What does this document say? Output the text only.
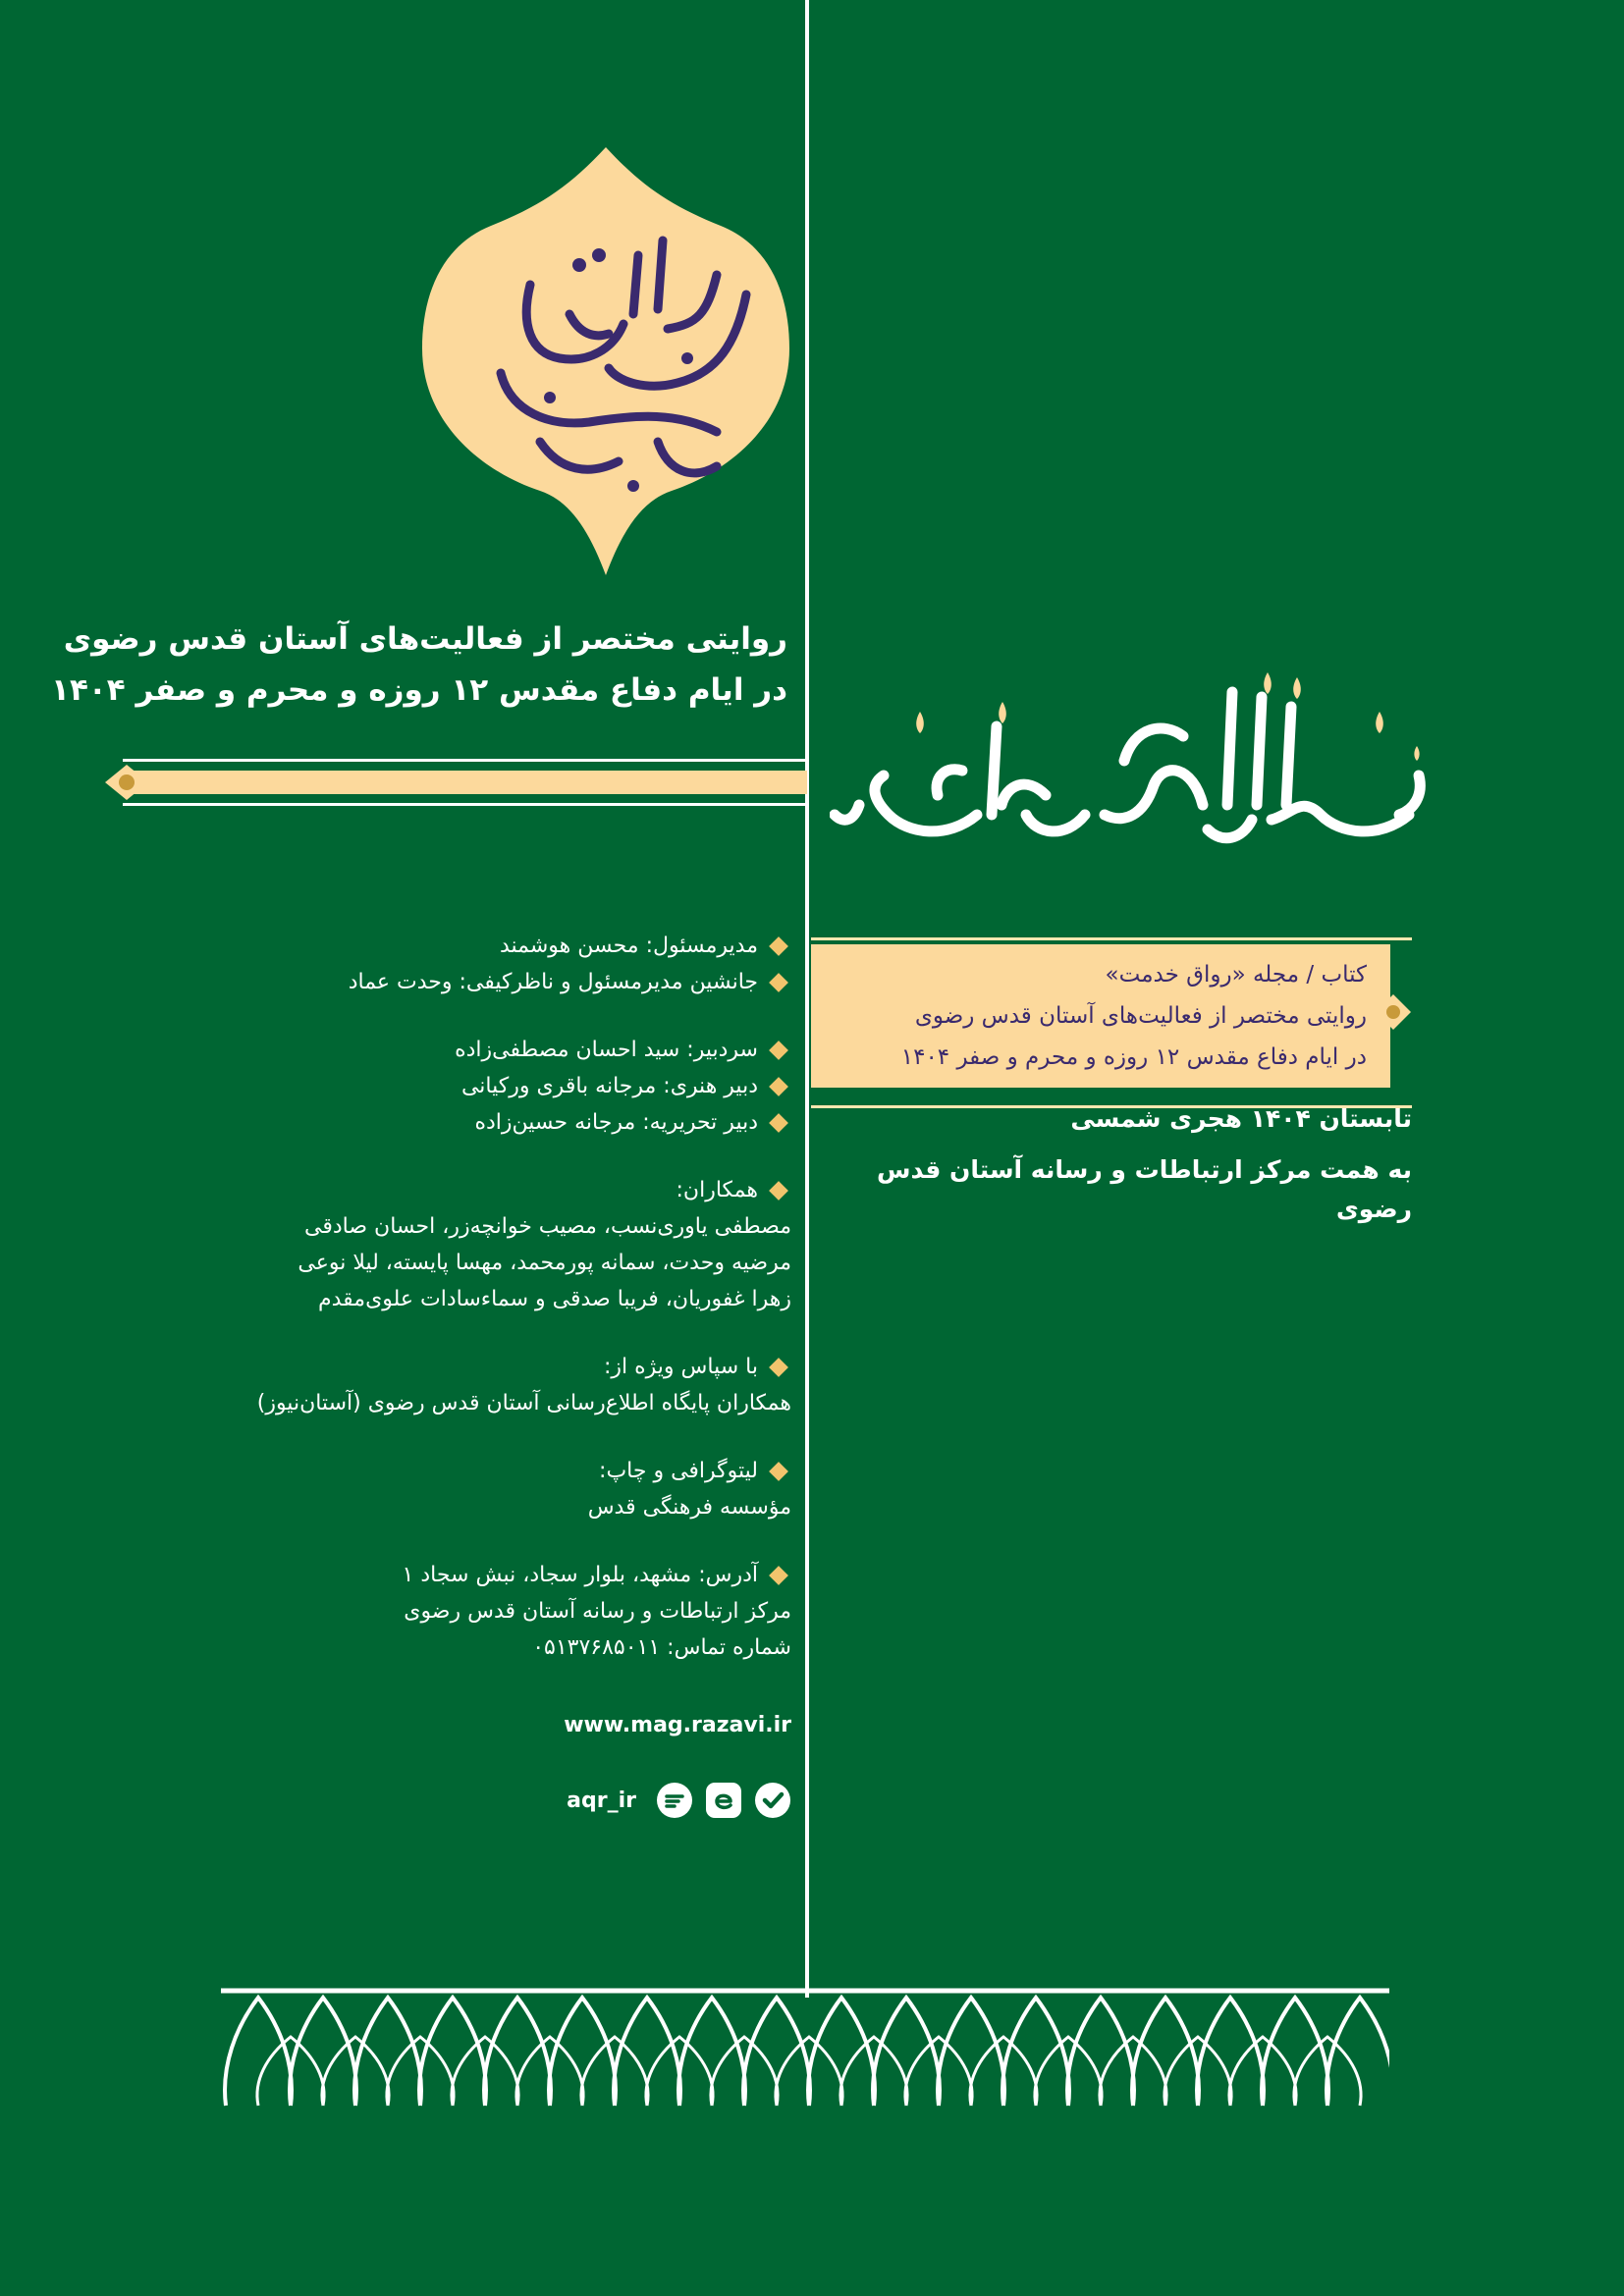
روایتی مختصر از فعالیت‌های آستان قدس رضوی
در ایام دفاع مقدس ۱۲ روزه و محرم و صفر ۱۴۰۴
کتاب / مجله «رواق خدمت»
روایتی مختصر از فعالیت‌های آستان قدس رضوی
در ایام دفاع مقدس ۱۲ روزه و محرم و صفر ۱۴۰۴
تابستان ۱۴۰۴ هجری شمسی
به همت مرکز ارتباطات و رسانه آستان قدس رضوی
مدیرمسئول: محسن هوشمند
جانشین مدیرمسئول و ناظرکیفی: وحدت عماد
سردبیر: سید احسان مصطفی‌زاده
دبیر هنری: مرجانه باقری ورکیانی
دبیر تحریریه: مرجانه حسین‌زاده
همکاران:
مصطفی یاوری‌نسب، مصیب خوانچه‌زر، احسان صادقی
مرضیه وحدت، سمانه پورمحمد، مهسا پایسته، لیلا نوعی
زهرا غفوریان، فریبا صدقی و سماء‌سادات علوی‌مقدم
با سپاس ویژه از:
همکاران پایگاه اطلاع‌رسانی آستان قدس رضوی (آستان‌نیوز)
لیتوگرافی و چاپ:
مؤسسه فرهنگی قدس
آدرس: مشهد، بلوار سجاد، نبش سجاد ۱
مرکز ارتباطات و رسانه آستان قدس رضوی
شماره تماس: ۰۵۱۳۷۶۸۵۰۱۱
www.mag.razavi.ir
aqr_ir
